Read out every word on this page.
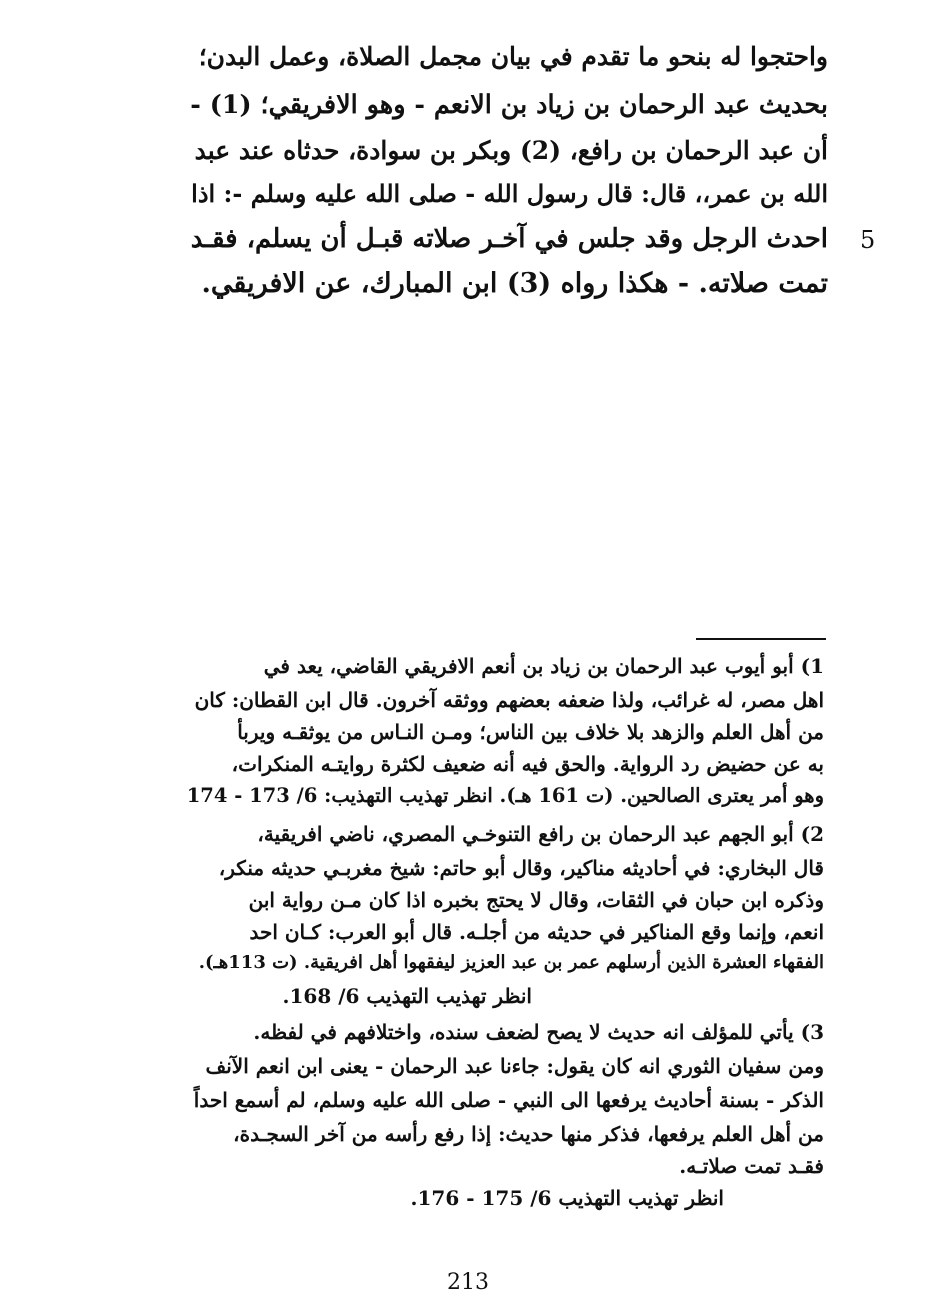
واحتجوا له بنحو ما تقدم في بيان مجمل الصلاة، وعمل البدن؛
بحديث عبد الرحمان بن زياد بن الانعم - وهو الافريقي؛ (1) -
أن عبد الرحمان بن رافع، (2) وبكر بن سوادة، حدثاه عند عبد
الله بن عمر،، قال: قال رسول الله - صلى الله عليه وسلم -: اذا
احدث الرجل وقد جلس في آخـر صلاته قبـل أن يسلم، فقـد
تمت صلاته. - هكذا رواه (3) ابن المبارك، عن الافريقي.
5
1) أبو أيوب عبد الرحمان بن زياد بن أنعم الافريقي القاضي، يعد في
اهل مصر، له غرائب، ولذا ضعفه بعضهم ووثقه آخرون. قال ابن القطان: كان
من أهل العلم والزهد بلا خلاف بين الناس؛ ومـن النـاس من يوثقـه ويربأ
به عن حضيض رد الرواية. والحق فيه أنه ضعيف لكثرة روايتـه المنكرات،
وهو أمر يعترى الصالحين. (ت 161 هـ). انظر تهذيب التهذيب: 6/ 173 - 174
2) أبو الجهم عبد الرحمان بن رافع التنوخـي المصري، ناضي افريقية،
قال البخاري: في أحاديثه مناكير، وقال أبو حاتم: شيخ مغربـي حديثه منكر،
وذكره ابن حبان في الثقات، وقال لا يحتج بخبره اذا كان مـن رواية ابن
انعم، وإنما وقع المناكير في حديثه من أجلـه. قال أبو العرب: كـان احد
الفقهاء العشرة الذين أرسلهم عمر بن عبد العزيز ليفقهوا أهل افريقية. (ت 113هـ).
انظر تهذيب التهذيب 6/ 168.
3) يأتي للمؤلف انه حديث لا يصح لضعف سنده، واختلافهم في لفظه.
ومن سفيان الثوري انه كان يقول: جاءنا عبد الرحمان - يعنى ابن انعم الآنف
الذكر - بسنة أحاديث يرفعها الى النبي - صلى الله عليه وسلم، لم أسمع احداً
من أهل العلم يرفعها، فذكر منها حديث: إذا رفع رأسه من آخر السجـدة،
فقـد تمت صلاتـه.
انظر تهذيب التهذيب 6/ 175 - 176.
213
